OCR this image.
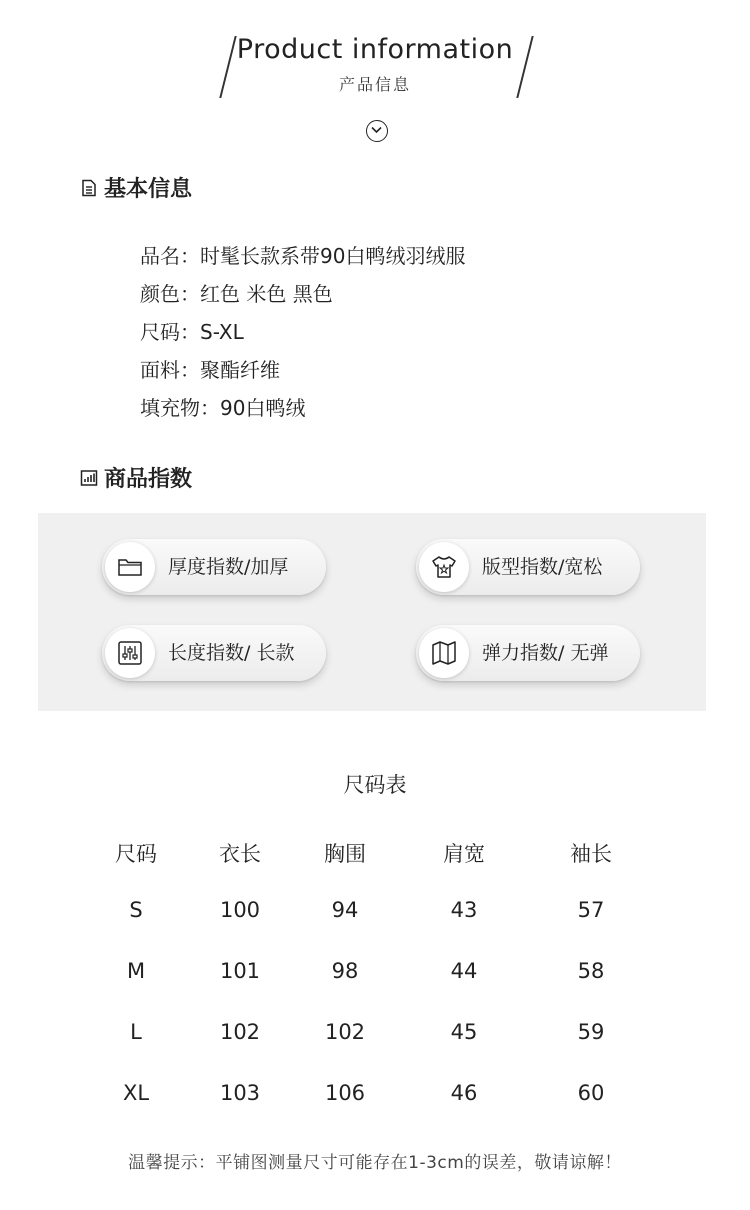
Product information
产品信息
基本信息
品名：时髦长款系带90白鸭绒羽绒服
颜色：红色 米色 黑色
尺码：S-XL
面料：聚酯纤维
填充物：90白鸭绒
商品指数
厚度指数/加厚	版型指数/宽松
长度指数/ 长款	弹力指数/ 无弹
尺码表
尺码	衣长	胸围	肩宽	袖长
S	100	94	43	57
M	101	98	44	58
L	102	102	45	59
XL	103	106	46	60
温馨提示：平铺图测量尺寸可能存在1-3cm的误差，敬请谅解！
